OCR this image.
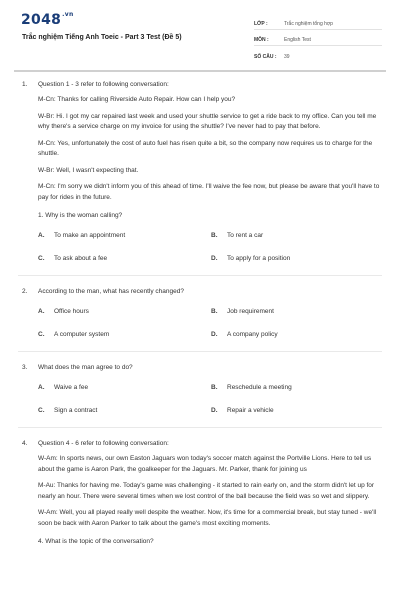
$2048^{.vn}$
Trắc nghiệm Tiếng Anh Toeic - Part 3 Test (Đề 5)
LỚP :	Trắc nghiệm tổng hợp
MÔN :	English Test
SỐ CÂU :	39
1.	Question 1 - 3 refer to following conversation:

M-Cn: Thanks for calling Riverside Auto Repair. How can I help you?

W-Br: Hi. I got my car repaired last week and used your shuttle service to get a ride back to my office. Can you tell me why there's a service charge on my invoice for using the shuttle? I've never had to pay that before.

M-Cn: Yes, unfortunately the cost of auto fuel has risen quite a bit, so the company now requires us to charge for the shuttle.

W-Br: Well, I wasn't expecting that.

M-Cn: I'm sorry we didn't inform you of this ahead of time. I'll waive the fee now, but please be aware that you'll have to pay for rides in the future.

1. Why is the woman calling?
A.	To make an appointment	B.	To rent a car
C.	To ask about a fee	D.	To apply for a position
2.	According to the man, what has recently changed?
A.	Office hours	B.	Job requirement
C.	A computer system	D.	A company policy
3.	What does the man agree to do?
A.	Waive a fee	B.	Reschedule a meeting
C.	Sign a contract	D.	Repair a vehicle
4.	Question 4 - 6 refer to following conversation:

W-Am: In sports news, our own Easton Jaguars won today's soccer match against the Portville Lions. Here to tell us about the game is Aaron Park, the goalkeeper for the Jaguars. Mr. Parker, thank for joining us

M-Au: Thanks for having me. Today's game was challenging - it started to rain early on, and the storm didn't let up for nearly an hour. There were several times when we lost control of the ball because the field was so wet and slippery.

W-Am: Well, you all played really well despite the weather. Now, it's time for a commercial break, but stay tuned - we'll soon be back with Aaron Parker to talk about the game's most exciting moments.

4. What is the topic of the conversation?
